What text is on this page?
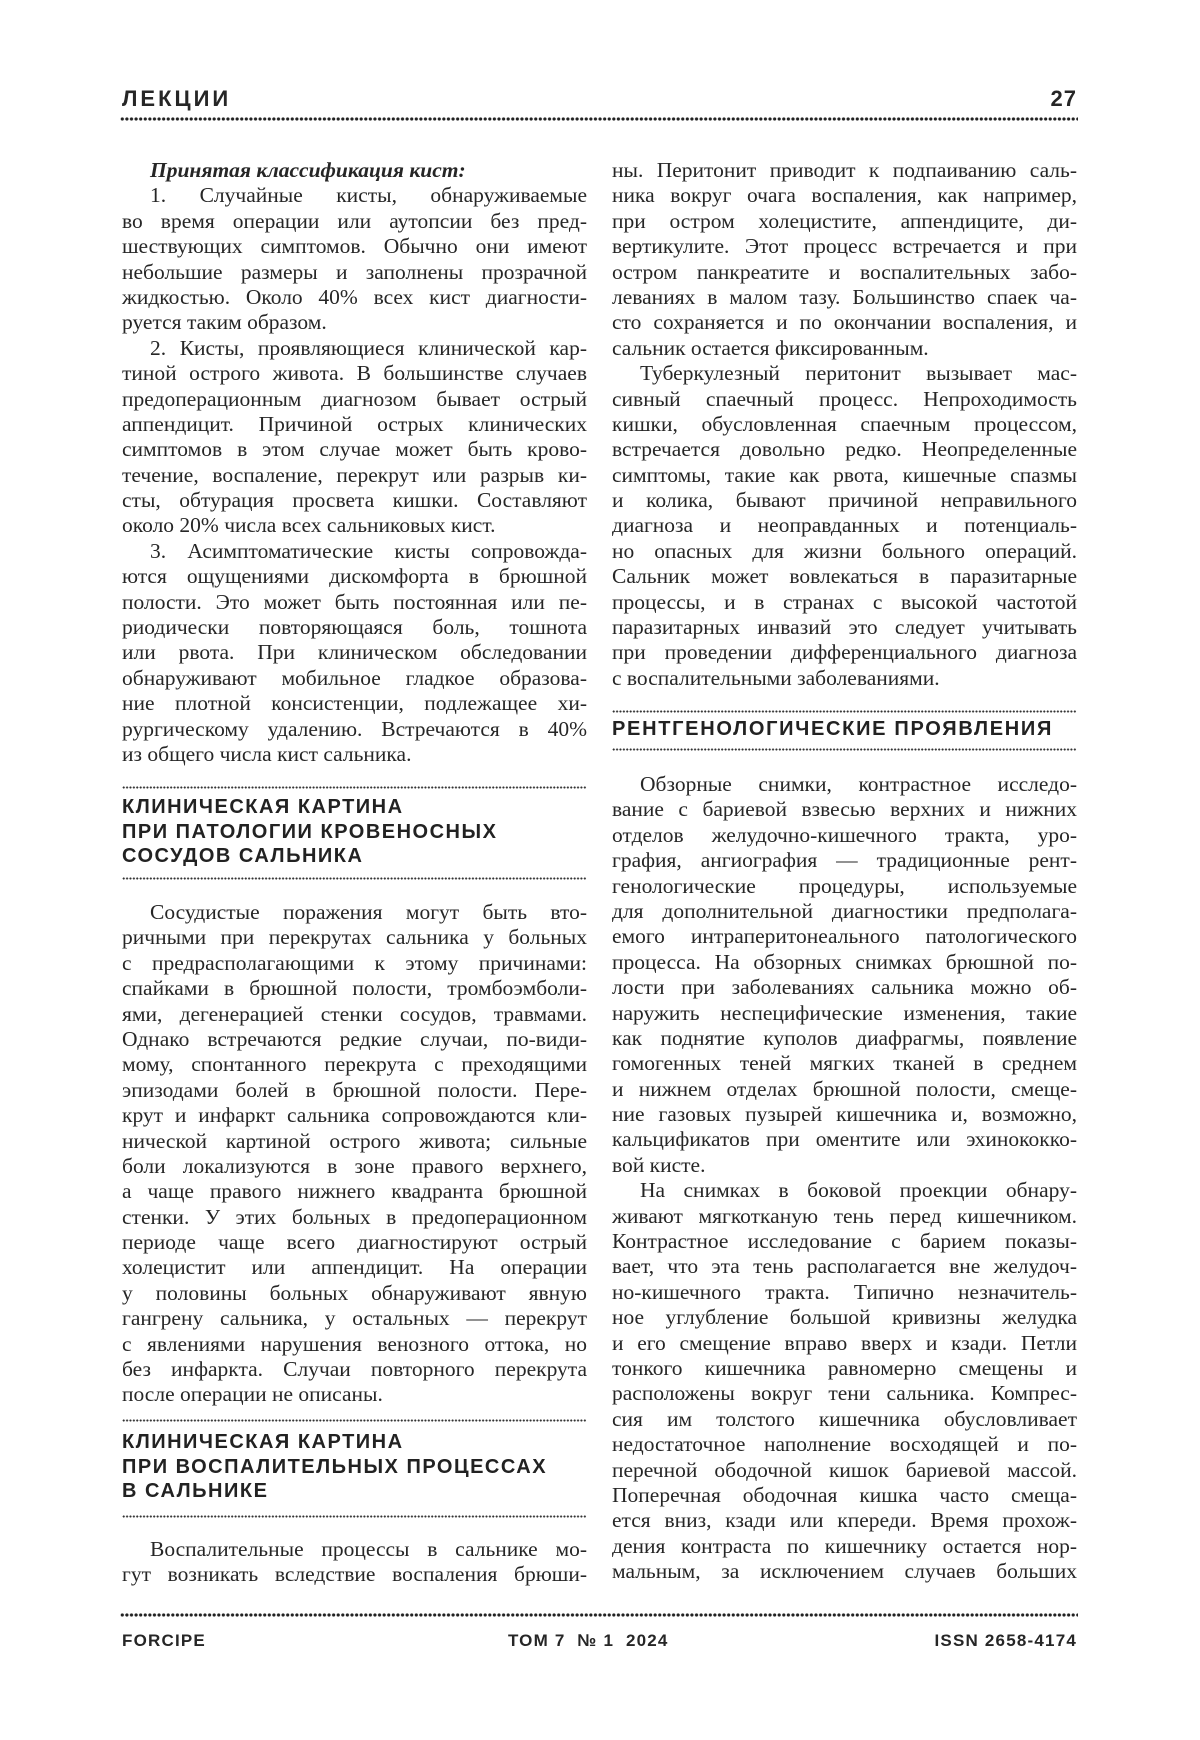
ЛЕКЦИИ	27
Принятая классификация кист:
1. Случайные кисты, обнаруживаемые
во время операции или аутопсии без пред-
шествующих симптомов. Обычно они имеют
небольшие размеры и заполнены прозрачной
жидкостью. Около 40% всех кист диагности-
руется таким образом.
2. Кисты, проявляющиеся клинической кар-
тиной острого живота. В большинстве случаев
предоперационным диагнозом бывает острый
аппендицит. Причиной острых клинических
симптомов в этом случае может быть крово-
течение, воспаление, перекрут или разрыв ки-
сты, обтурация просвета кишки. Составляют
около 20% числа всех сальниковых кист.
3. Асимптоматические кисты сопровожда-
ются ощущениями дискомфорта в брюшной
полости. Это может быть постоянная или пе-
риодически повторяющаяся боль, тошнота
или рвота. При клиническом обследовании
обнаруживают мобильное гладкое образова-
ние плотной консистенции, подлежащее хи-
рургическому удалению. Встречаются в 40%
из общего числа кист сальника.
КЛИНИЧЕСКАЯ КАРТИНА
ПРИ ПАТОЛОГИИ КРОВЕНОСНЫХ
СОСУДОВ САЛЬНИКА
Сосудистые поражения могут быть вто-
ричными при перекрутах сальника у больных
с предрасполагающими к этому причинами:
спайками в брюшной полости, тромбоэмболи-
ями, дегенерацией стенки сосудов, травмами.
Однако встречаются редкие случаи, по-види-
мому, спонтанного перекрута с преходящими
эпизодами болей в брюшной полости. Пере-
крут и инфаркт сальника сопровождаются кли-
нической картиной острого живота; сильные
боли локализуются в зоне правого верхнего,
а чаще правого нижнего квадранта брюшной
стенки. У этих больных в предоперационном
периоде чаще всего диагностируют острый
холецистит или аппендицит. На операции
у половины больных обнаруживают явную
гангрену сальника, у остальных — перекрут
с явлениями нарушения венозного оттока, но
без инфаркта. Случаи повторного перекрута
после операции не описаны.
КЛИНИЧЕСКАЯ КАРТИНА
ПРИ ВОСПАЛИТЕЛЬНЫХ ПРОЦЕССАХ
В САЛЬНИКЕ
Воспалительные процессы в сальнике мо-
гут возникать вследствие воспаления брюши-
ны. Перитонит приводит к подпаиванию саль-
ника вокруг очага воспаления, как например,
при остром холецистите, аппендиците, ди-
вертикулите. Этот процесс встречается и при
остром панкреатите и воспалительных забо-
леваниях в малом тазу. Большинство спаек ча-
сто сохраняется и по окончании воспаления, и
сальник остается фиксированным.
Туберкулезный перитонит вызывает мас-
сивный спаечный процесс. Непроходимость
кишки, обусловленная спаечным процессом,
встречается довольно редко. Неопределенные
симптомы, такие как рвота, кишечные спазмы
и колика, бывают причиной неправильного
диагноза и неоправданных и потенциаль-
но опасных для жизни больного операций.
Сальник может вовлекаться в паразитарные
процессы, и в странах с высокой частотой
паразитарных инвазий это следует учитывать
при проведении дифференциального диагноза
с воспалительными заболеваниями.
РЕНТГЕНОЛОГИЧЕСКИЕ ПРОЯВЛЕНИЯ
Обзорные снимки, контрастное исследо-
вание с бариевой взвесью верхних и нижних
отделов желудочно-кишечного тракта, уро-
графия, ангиография — традиционные рент-
генологические процедуры, используемые
для дополнительной диагностики предполага-
емого интраперитонеального патологического
процесса. На обзорных снимках брюшной по-
лости при заболеваниях сальника можно об-
наружить неспецифические изменения, такие
как поднятие куполов диафрагмы, появление
гомогенных теней мягких тканей в среднем
и нижнем отделах брюшной полости, смеще-
ние газовых пузырей кишечника и, возможно,
кальцификатов при оментите или эхинококко-
вой кисте.
На снимках в боковой проекции обнару-
живают мягкотканую тень перед кишечником.
Контрастное исследование с барием показы-
вает, что эта тень располагается вне желудоч-
но-кишечного тракта. Типично незначитель-
ное углубление большой кривизны желудка
и его смещение вправо вверх и кзади. Петли
тонкого кишечника равномерно смещены и
расположены вокруг тени сальника. Компрес-
сия им толстого кишечника обусловливает
недостаточное наполнение восходящей и по-
перечной ободочной кишок бариевой массой.
Поперечная ободочная кишка часто смеща-
ется вниз, кзади или кпереди. Время прохож-
дения контраста по кишечнику остается нор-
мальным, за исключением случаев больших
FORCIPE	ТОМ 7  № 1  2024	ISSN 2658-4174
